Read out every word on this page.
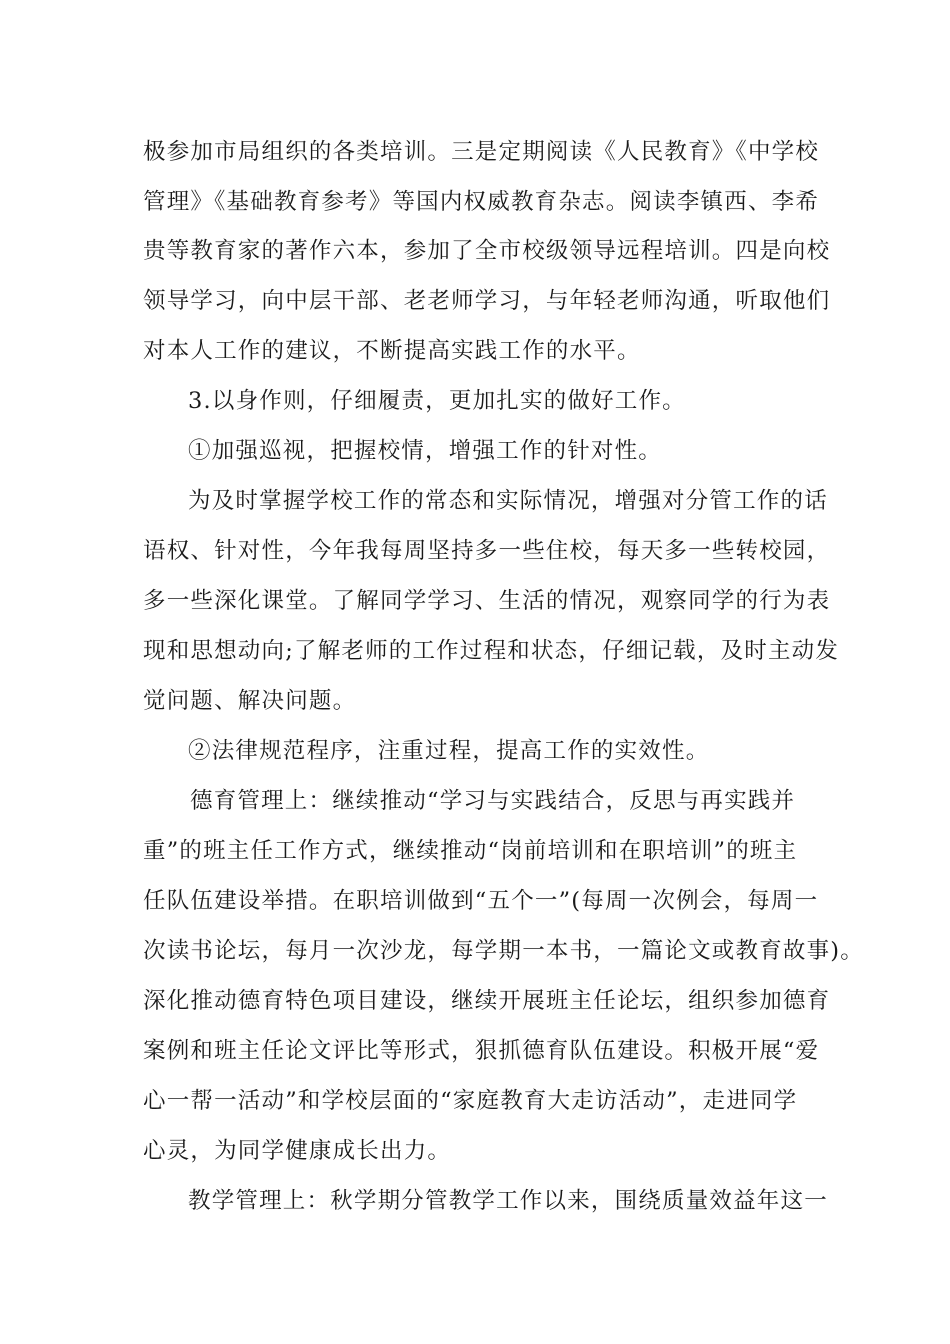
极参加市局组织的各类培训。三是定期阅读《人民教育》《中学校
管理》《基础教育参考》等国内权威教育杂志。阅读李镇西、李希
贵等教育家的著作六本，参加了全市校级领导远程培训。四是向校
领导学习，向中层干部、老老师学习，与年轻老师沟通，听取他们
对本人工作的建议，不断提高实践工作的水平。
3.以身作则，仔细履责，更加扎实的做好工作。
①加强巡视，把握校情，增强工作的针对性。
为及时掌握学校工作的常态和实际情况，增强对分管工作的话
语权、针对性，今年我每周坚持多一些住校，每天多一些转校园，
多一些深化课堂。了解同学学习、生活的情况，观察同学的行为表
现和思想动向;了解老师的工作过程和状态，仔细记载，及时主动发
觉问题、解决问题。
②法律规范程序，注重过程，提高工作的实效性。
德育管理上：继续推动“学习与实践结合，反思与再实践并
重”的班主任工作方式，继续推动“岗前培训和在职培训”的班主
任队伍建设举措。在职培训做到“五个一”(每周一次例会，每周一
次读书论坛，每月一次沙龙，每学期一本书，一篇论文或教育故事)。
深化推动德育特色项目建设，继续开展班主任论坛，组织参加德育
案例和班主任论文评比等形式，狠抓德育队伍建设。积极开展“爱
心一帮一活动”和学校层面的“家庭教育大走访活动”，走进同学
心灵，为同学健康成长出力。
教学管理上：秋学期分管教学工作以来，围绕质量效益年这一
